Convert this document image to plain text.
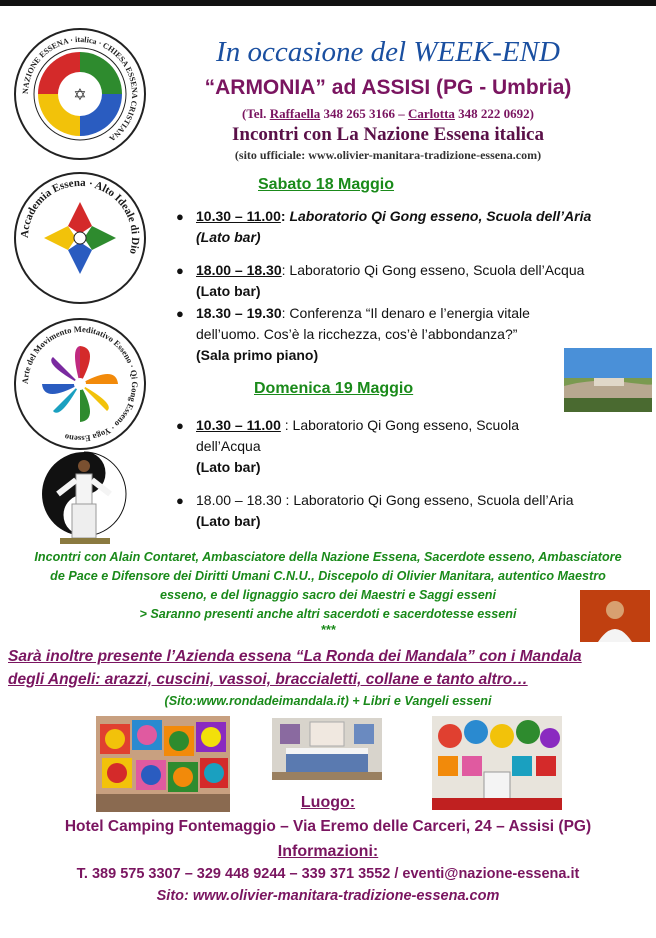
✡
NAZIONE ESSENA · italica · CHIESA ESSENA CRISTIANA
Accademia Essena · Alto Ideale di Dio
Arte del Movimento Meditativo Esseno · Qi Gong Esseno · Yoga Esseno
In occasione del WEEK-END
“ARMONIA” ad ASSISI (PG - Umbria)
(Tel. Raffaella 348 265 3166 – Carlotta 348 222 0692)
Incontri con La Nazione Essena italica
(sito ufficiale: www.olivier-manitara-tradizione-essena.com)
Sabato 18 Maggio
● 10.30 – 11.00: Laboratorio Qi Gong esseno, Scuola dell’Aria
(Lato bar)
● 18.00 – 18.30: Laboratorio Qi Gong esseno, Scuola dell’Acqua
(Lato bar)
● 18.30 – 19.30: Conferenza “Il denaro e l’energia vitale dell’uomo. Cos’è la ricchezza, cos’è l’abbondanza?”
(Sala primo piano)
Domenica 19 Maggio
● 10.30 – 11.00 : Laboratorio Qi Gong esseno, Scuola dell’Acqua
(Lato bar)
● 18.00 – 18.30 : Laboratorio Qi Gong esseno, Scuola dell’Aria
(Lato bar)
Incontri con Alain Contaret, Ambasciatore della Nazione Essena, Sacerdote esseno, Ambasciatore
de Pace e Difensore dei Diritti Umani C.N.U., Discepolo di Olivier Manitara, autentico Maestro
esseno, e del lignaggio sacro dei Maestri e Saggi esseni
> Saranno presenti anche altri sacerdoti e sacerdotesse esseni
***
Sarà inoltre presente l’Azienda essena “La Ronda dei Mandala” con i Mandala
degli Angeli: arazzi, cuscini, vassoi, braccialetti, collane e tanto altro…
(Sito:www.rondadeimandala.it) + Libri e Vangeli esseni
Luogo:
Hotel Camping Fontemaggio – Via Eremo delle Carceri, 24 – Assisi (PG)
Informazioni:
T. 389 575 3307 – 329 448 9244 – 339 371 3552 / eventi@nazione-essena.it
Sito: www.olivier-manitara-tradizione-essena.com
